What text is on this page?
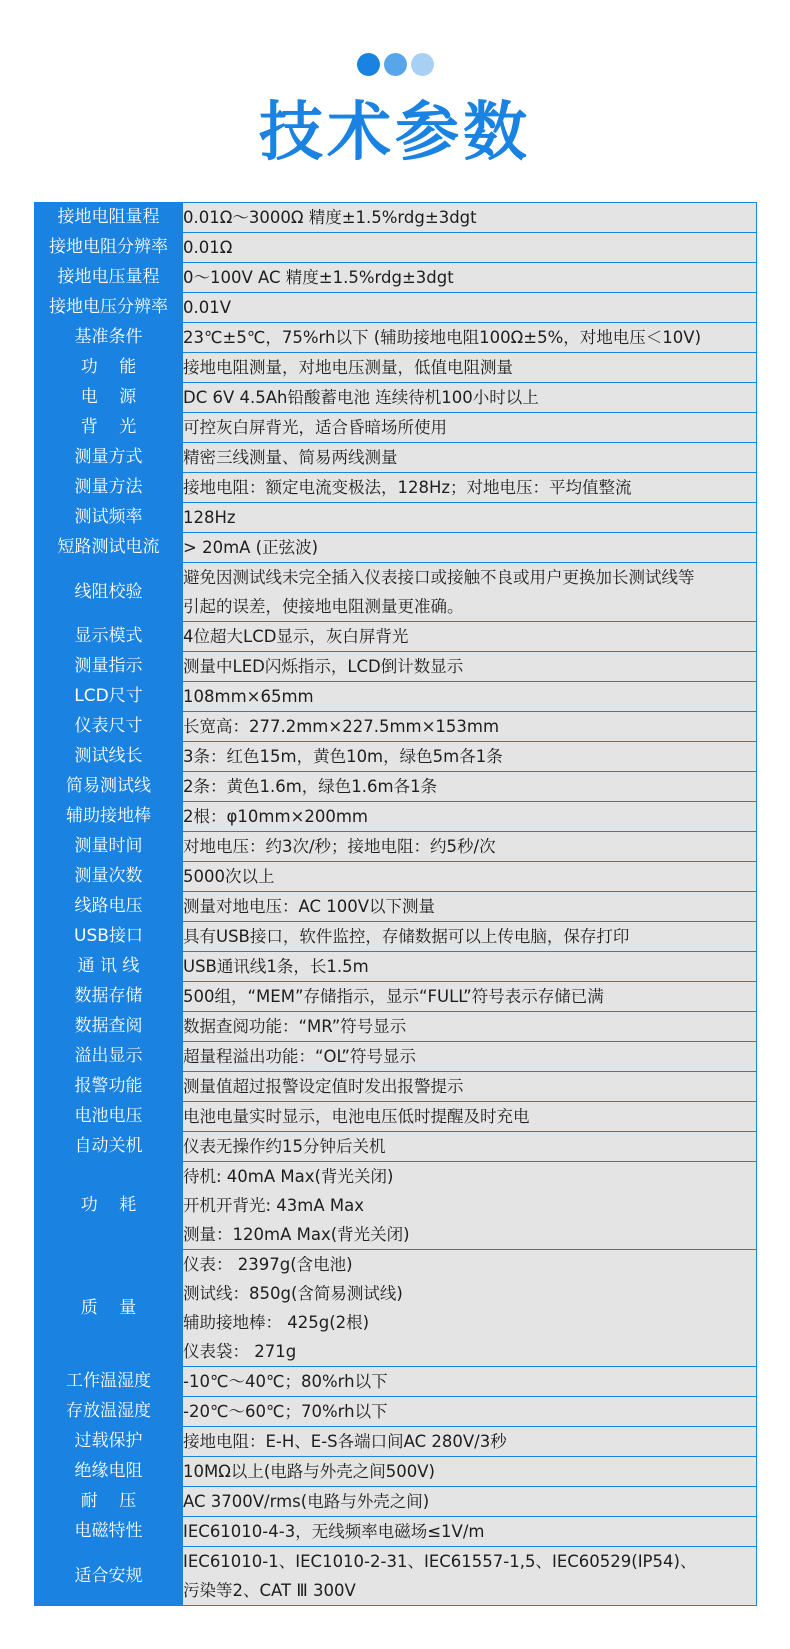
技术参数
接地电阻量程	0.01Ω～3000Ω 精度±1.5%rdg±3dgt

接地电阻分辨率	0.01Ω

接地电压量程	0～100V AC 精度±1.5%rdg±3dgt

接地电压分辨率	0.01V

基准条件	23℃±5℃，75%rh以下 (辅助接地电阻100Ω±5%，对地电压＜10V)

功    能	接地电阻测量，对地电压测量，低值电阻测量

电    源	DC 6V 4.5Ah铅酸蓄电池 连续待机100小时以上

背    光	可控灰白屏背光，适合昏暗场所使用

测量方式	精密三线测量、简易两线测量

测量方法	接地电阻：额定电流变极法，128Hz；对地电压：平均值整流

测试频率	128Hz

短路测试电流	> 20mA (正弦波)

线阻校验	避免因测试线未完全插入仪表接口或接触不良或用户更换加长测试线等
引起的误差，使接地电阻测量更准确。

显示模式	4位超大LCD显示，灰白屏背光

测量指示	测量中LED闪烁指示，LCD倒计数显示

LCD尺寸	108mm×65mm

仪表尺寸	长宽高：277.2mm×227.5mm×153mm

测试线长	3条：红色15m，黄色10m，绿色5m各1条

简易测试线	2条：黄色1.6m，绿色1.6m各1条

辅助接地棒	2根：φ10mm×200mm

测量时间	对地电压：约3次/秒；接地电阻：约5秒/次

测量次数	5000次以上

线路电压	测量对地电压：AC 100V以下测量

USB接口	具有USB接口，软件监控，存储数据可以上传电脑，保存打印

通 讯 线	USB通讯线1条，长1.5m

数据存储	500组，“MEM”存储指示，显示“FULL”符号表示存储已满

数据查阅	数据查阅功能：“MR”符号显示

溢出显示	超量程溢出功能：“OL”符号显示

报警功能	测量值超过报警设定值时发出报警提示

电池电压	电池电量实时显示，电池电压低时提醒及时充电

自动关机	仪表无操作约15分钟后关机

功    耗	待机: 40mA Max(背光关闭)
开机开背光: 43mA Max
测量：120mA Max(背光关闭)

质    量	仪表： 2397g(含电池)
测试线：850g(含简易测试线)
辅助接地棒： 425g(2根)
仪表袋： 271g

工作温湿度	-10℃～40℃；80%rh以下

存放温湿度	-20℃～60℃；70%rh以下

过载保护	接地电阻：E-H、E-S各端口间AC 280V/3秒

绝缘电阻	10MΩ以上(电路与外壳之间500V)

耐    压	AC 3700V/rms(电路与外壳之间)

电磁特性	IEC61010-4-3，无线频率电磁场≤1V/m

适合安规	IEC61010-1、IEC1010-2-31、IEC61557-1,5、IEC60529(IP54)、
污染等2、CAT Ⅲ 300V
